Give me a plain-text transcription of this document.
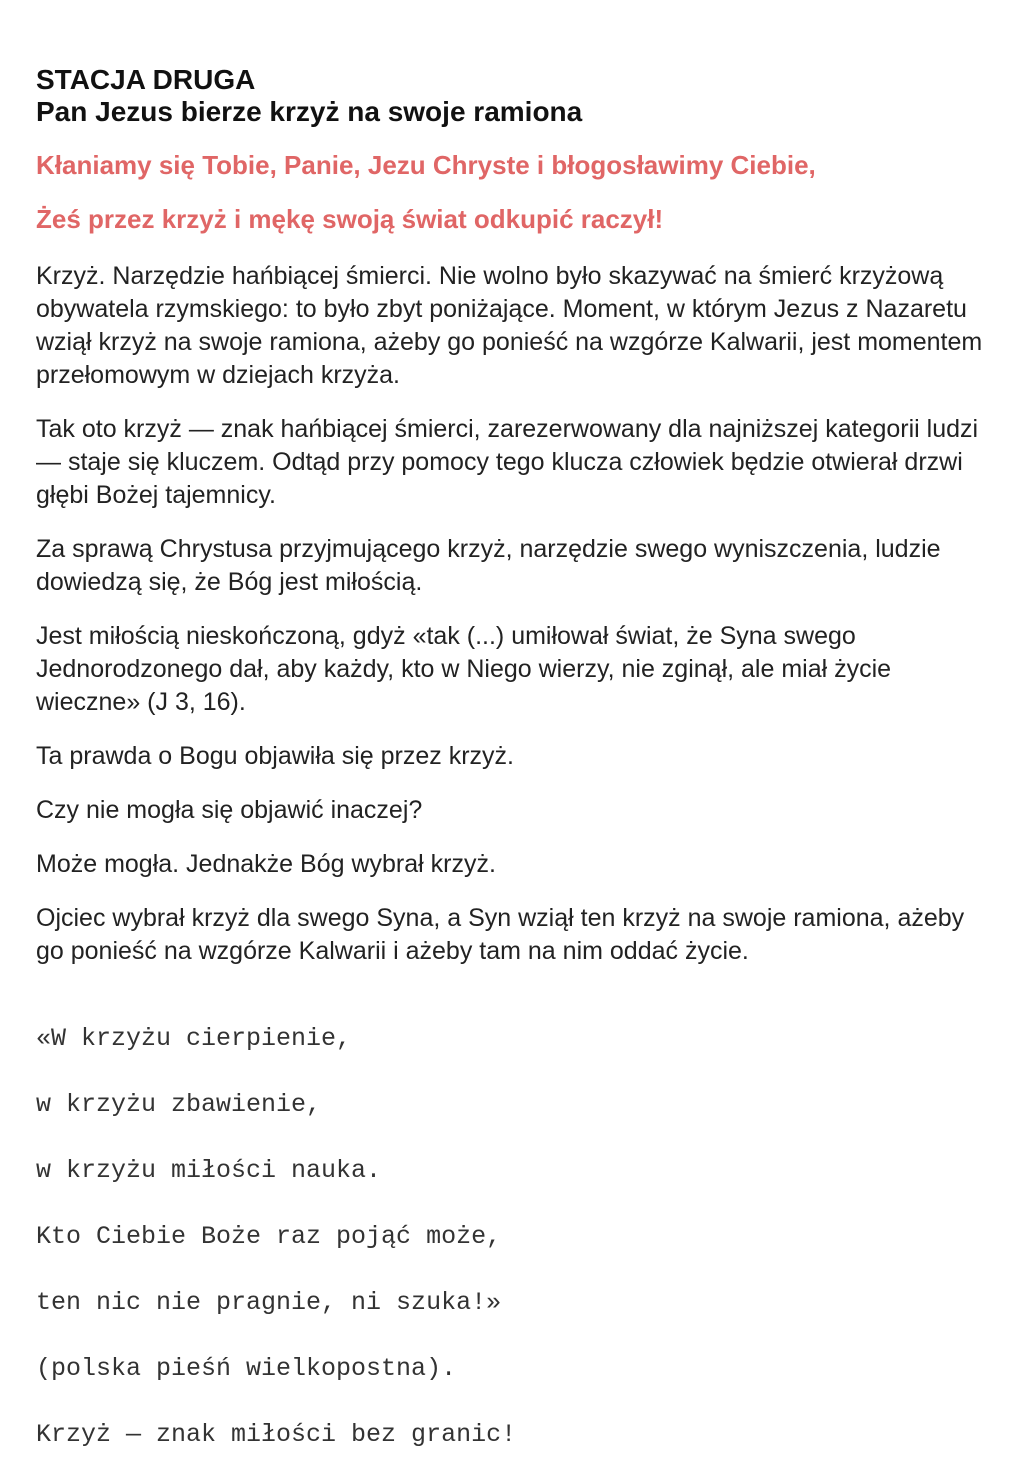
STACJA DRUGA
Pan Jezus bierze krzyż na swoje ramiona

Kłaniamy się Tobie, Panie, Jezu Chryste i błogosławimy Ciebie,

Żeś przez krzyż i mękę swoją świat odkupić raczył!

Krzyż. Narzędzie hańbiącej śmierci. Nie wolno było skazywać na śmierć krzyżową obywatela rzymskiego: to było zbyt poniżające. Moment, w którym Jezus z Nazaretu wziął krzyż na swoje ramiona, ażeby go ponieść na wzgórze Kalwarii, jest momentem przełomowym w dziejach krzyża.

Tak oto krzyż — znak hańbiącej śmierci, zarezerwowany dla najniższej kategorii ludzi — staje się kluczem. Odtąd przy pomocy tego klucza człowiek będzie otwierał drzwi głębi Bożej tajemnicy.

Za sprawą Chrystusa przyjmującego krzyż, narzędzie swego wyniszczenia, ludzie dowiedzą się, że Bóg jest miłością.

Jest miłością nieskończoną, gdyż «tak (...) umiłował świat, że Syna swego Jednorodzonego dał, aby każdy, kto w Niego wierzy, nie zginął, ale miał życie wieczne» (J 3, 16).

Ta prawda o Bogu objawiła się przez krzyż.

Czy nie mogła się objawić inaczej?

Może mogła. Jednakże Bóg wybrał krzyż.

Ojciec wybrał krzyż dla swego Syna, a Syn wziął ten krzyż na swoje ramiona, ażeby go ponieść na wzgórze Kalwarii i ażeby tam na nim oddać życie.

«W krzyżu cierpienie,

w krzyżu zbawienie,

w krzyżu miłości nauka.

Kto Ciebie Boże raz pojąć może,

ten nic nie pragnie, ni szuka!»

(polska pieśń wielkopostna).

Krzyż — znak miłości bez granic!
